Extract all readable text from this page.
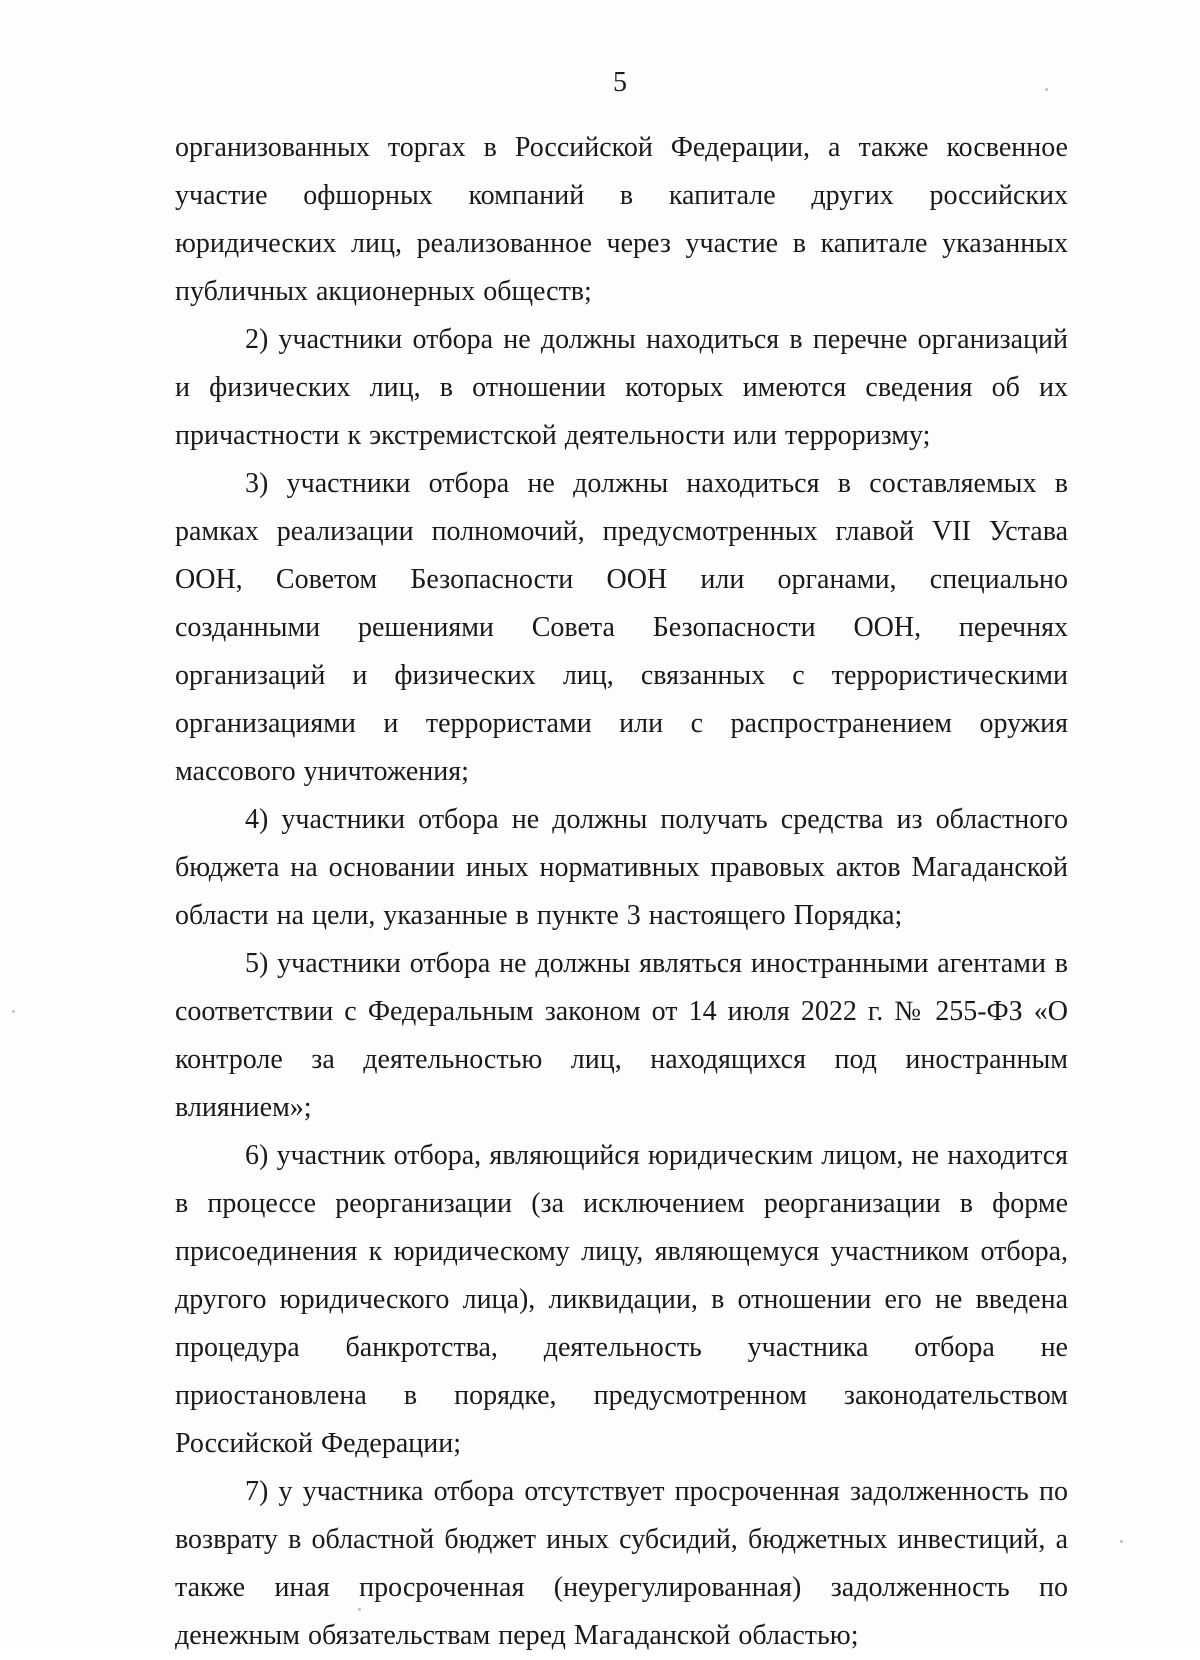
5

организованных торгах в Российской Федерации, а также косвенное участие офшорных компаний в капитале других российских юридических лиц, реализованное через участие в капитале указанных публичных акционерных обществ;

2) участники отбора не должны находиться в перечне организаций и физических лиц, в отношении которых имеются сведения об их причастности к экстремистской деятельности или терроризму;

3) участники отбора не должны находиться в составляемых в рамках реализации полномочий, предусмотренных главой VII Устава ООН, Советом Безопасности ООН или органами, специально созданными решениями Совета Безопасности ООН, перечнях организаций и физических лиц, связанных с террористическими организациями и террористами или с распространением оружия массового уничтожения;

4) участники отбора не должны получать средства из областного бюджета на основании иных нормативных правовых актов Магаданской области на цели, указанные в пункте 3 настоящего Порядка;

5) участники отбора не должны являться иностранными агентами в соответствии с Федеральным законом от 14 июля 2022 г. № 255-ФЗ «О контроле за деятельностью лиц, находящихся под иностранным влиянием»;

6) участник отбора, являющийся юридическим лицом, не находится в процессе реорганизации (за исключением реорганизации в форме присоединения к юридическому лицу, являющемуся участником отбора, другого юридического лица), ликвидации, в отношении его не введена процедура банкротства, деятельность участника отбора не приостановлена в порядке, предусмотренном законодательством Российской Федерации;

7) у участника отбора отсутствует просроченная задолженность по возврату в областной бюджет иных субсидий, бюджетных инвестиций, а также иная просроченная (неурегулированная) задолженность по денежным обязательствам перед Магаданской областью;
